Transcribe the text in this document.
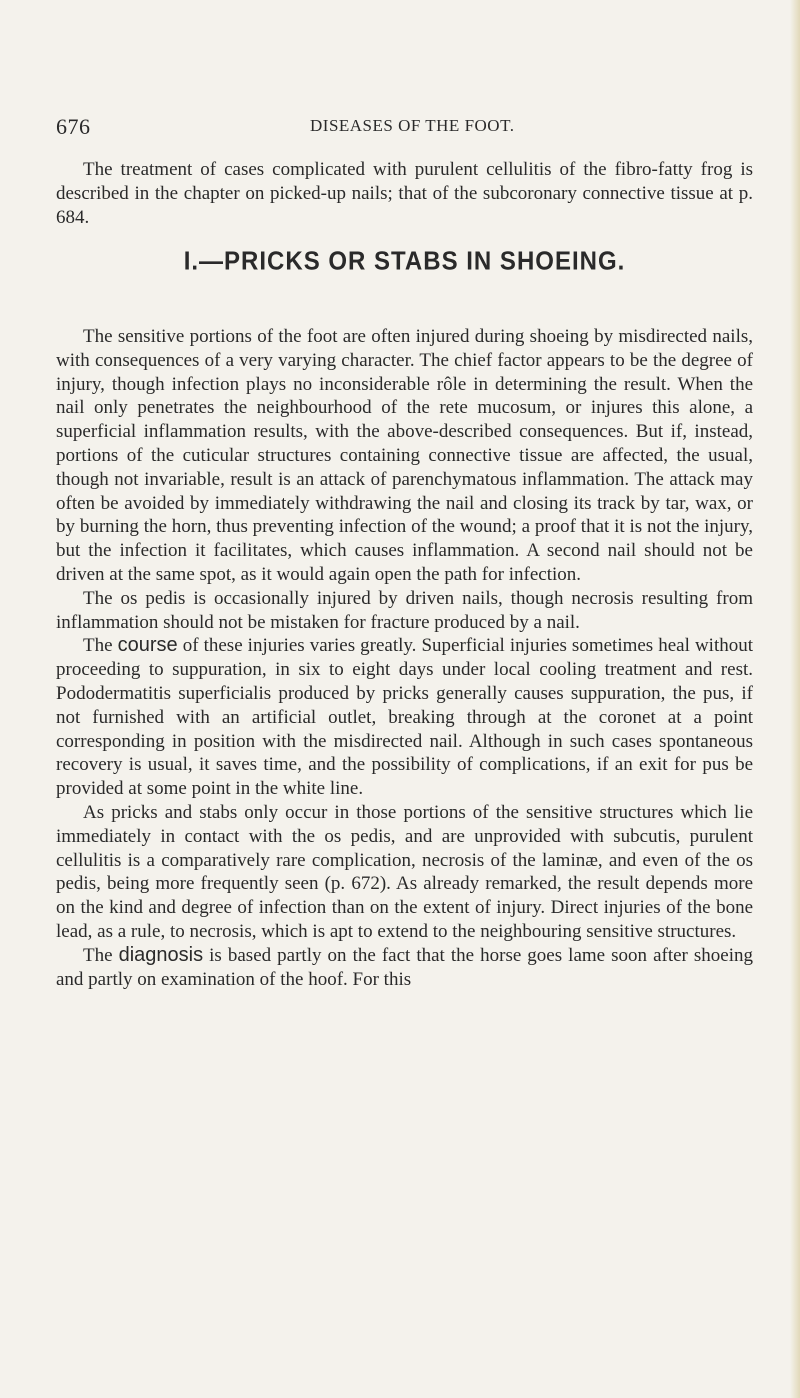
676	DISEASES OF THE FOOT.

The treatment of cases complicated with purulent cellulitis of the fibro-fatty frog is described in the chapter on picked-up nails; that of the subcoronary connective tissue at p. 684.

I.—PRICKS OR STABS IN SHOEING.

The sensitive portions of the foot are often injured during shoeing by misdirected nails, with consequences of a very varying character. The chief factor appears to be the degree of injury, though infection plays no inconsiderable rôle in determining the result. When the nail only penetrates the neighbourhood of the rete mucosum, or injures this alone, a superficial inflammation results, with the above-described consequences. But if, instead, portions of the cuticular structures containing connective tissue are affected, the usual, though not invariable, result is an attack of parenchymatous inflammation. The attack may often be avoided by immediately withdrawing the nail and closing its track by tar, wax, or by burning the horn, thus preventing infection of the wound; a proof that it is not the injury, but the infection it facilitates, which causes inflammation. A second nail should not be driven at the same spot, as it would again open the path for infection.

The os pedis is occasionally injured by driven nails, though necrosis resulting from inflammation should not be mistaken for fracture produced by a nail.

The course of these injuries varies greatly. Superficial injuries sometimes heal without proceeding to suppuration, in six to eight days under local cooling treatment and rest. Pododermatitis superficialis produced by pricks generally causes suppuration, the pus, if not furnished with an artificial outlet, breaking through at the coronet at a point corresponding in position with the misdirected nail. Although in such cases spontaneous recovery is usual, it saves time, and the possibility of complications, if an exit for pus be provided at some point in the white line.

As pricks and stabs only occur in those portions of the sensitive structures which lie immediately in contact with the os pedis, and are unprovided with subcutis, purulent cellulitis is a comparatively rare complication, necrosis of the laminæ, and even of the os pedis, being more frequently seen (p. 672). As already remarked, the result depends more on the kind and degree of infection than on the extent of injury. Direct injuries of the bone lead, as a rule, to necrosis, which is apt to extend to the neighbouring sensitive structures.

The diagnosis is based partly on the fact that the horse goes lame soon after shoeing and partly on examination of the hoof. For this
